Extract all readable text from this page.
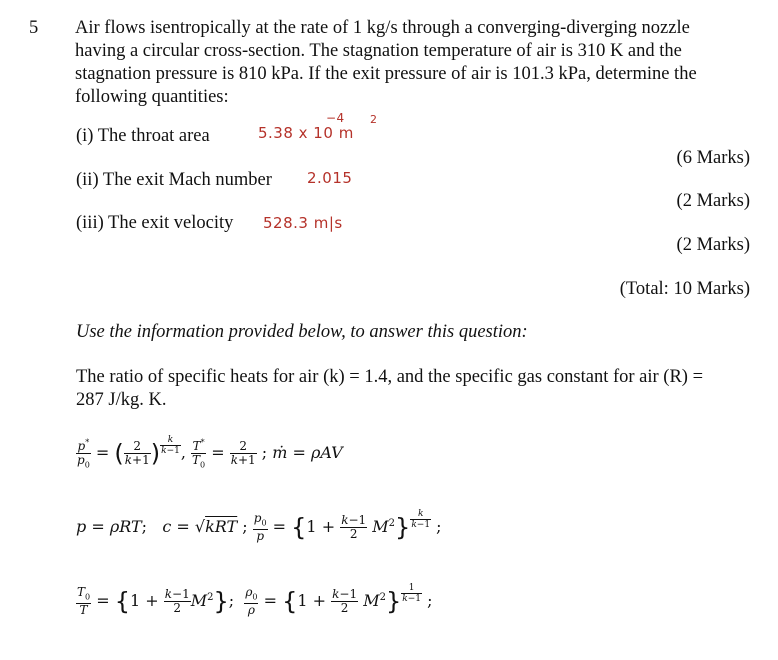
5 Air flows isentropically at the rate of 1 kg/s through a converging-diverging nozzle
having a circular cross-section. The stagnation temperature of air is 310 K and the
stagnation pressure is 810 kPa. If the exit pressure of air is 101.3 kPa, determine the
following quantities:
(i) The throat area	5.38 x 10
−4
m
2
(6 Marks)
(ii) The exit Mach number 2.015
(2 Marks)
(iii) The exit velocity 528.3 m|s
(2 Marks)
(Total: 10 Marks)
Use the information provided below, to answer this question:
The ratio of specific heats for air (k) = 1.4, and the specific gas constant for air (R) =
287 J/kg. K.
$\frac{p^*}{p_0}$ = ( $\frac{2}{k+1}$ ) $^{\frac{k}{k-1}}$ , $\frac{T^*}{T_0} = \frac{2}{k+1}$ ; ṁ = ρAV
p = ρRT;   c = √kRT ; $\frac{p_0}{p} = \{1 + \frac{k-1}{2} M^2\}$ $^{\frac{k}{k-1}}$ ;
$\frac{T_0}{T} = \{1 + \frac{k-1}{2} M^2\}$; $\frac{\rho_0}{\rho} = \{1 + \frac{k-1}{2} M^2\}$ $^{\frac{1}{k-1}}$ ;
